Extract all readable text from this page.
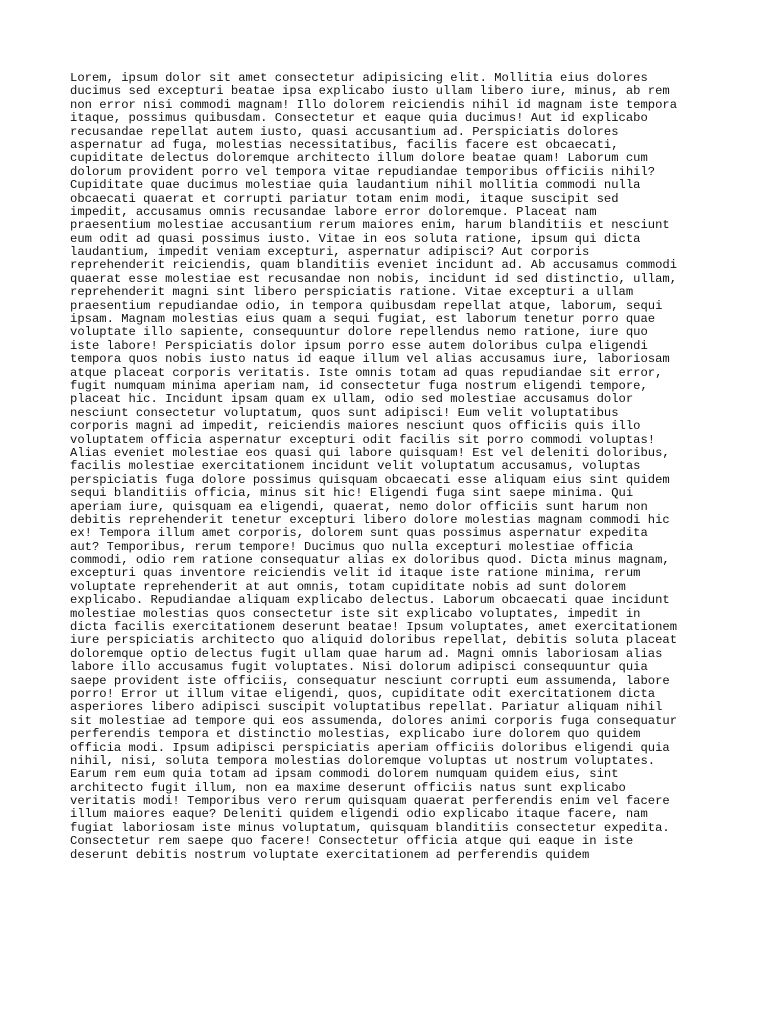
Lorem, ipsum dolor sit amet consectetur adipisicing elit. Mollitia eius dolores
ducimus sed excepturi beatae ipsa explicabo iusto ullam libero iure, minus, ab rem
non error nisi commodi magnam! Illo dolorem reiciendis nihil id magnam iste tempora
itaque, possimus quibusdam. Consectetur et eaque quia ducimus! Aut id explicabo
recusandae repellat autem iusto, quasi accusantium ad. Perspiciatis dolores
aspernatur ad fuga, molestias necessitatibus, facilis facere est obcaecati,
cupiditate delectus doloremque architecto illum dolore beatae quam! Laborum cum
dolorum provident porro vel tempora vitae repudiandae temporibus officiis nihil?
Cupiditate quae ducimus molestiae quia laudantium nihil mollitia commodi nulla
obcaecati quaerat et corrupti pariatur totam enim modi, itaque suscipit sed
impedit, accusamus omnis recusandae labore error doloremque. Placeat nam
praesentium molestiae accusantium rerum maiores enim, harum blanditiis et nesciunt
eum odit ad quasi possimus iusto. Vitae in eos soluta ratione, ipsum qui dicta
laudantium, impedit veniam excepturi, aspernatur adipisci? Aut corporis
reprehenderit reiciendis, quam blanditiis eveniet incidunt ad. Ab accusamus commodi
quaerat esse molestiae est recusandae non nobis, incidunt id sed distinctio, ullam,
reprehenderit magni sint libero perspiciatis ratione. Vitae excepturi a ullam
praesentium repudiandae odio, in tempora quibusdam repellat atque, laborum, sequi
ipsam. Magnam molestias eius quam a sequi fugiat, est laborum tenetur porro quae
voluptate illo sapiente, consequuntur dolore repellendus nemo ratione, iure quo
iste labore! Perspiciatis dolor ipsum porro esse autem doloribus culpa eligendi
tempora quos nobis iusto natus id eaque illum vel alias accusamus iure, laboriosam
atque placeat corporis veritatis. Iste omnis totam ad quas repudiandae sit error,
fugit numquam minima aperiam nam, id consectetur fuga nostrum eligendi tempore,
placeat hic. Incidunt ipsam quam ex ullam, odio sed molestiae accusamus dolor
nesciunt consectetur voluptatum, quos sunt adipisci! Eum velit voluptatibus
corporis magni ad impedit, reiciendis maiores nesciunt quos officiis quis illo
voluptatem officia aspernatur excepturi odit facilis sit porro commodi voluptas!
Alias eveniet molestiae eos quasi qui labore quisquam! Est vel deleniti doloribus,
facilis molestiae exercitationem incidunt velit voluptatum accusamus, voluptas
perspiciatis fuga dolore possimus quisquam obcaecati esse aliquam eius sint quidem
sequi blanditiis officia, minus sit hic! Eligendi fuga sint saepe minima. Qui
aperiam iure, quisquam ea eligendi, quaerat, nemo dolor officiis sunt harum non
debitis reprehenderit tenetur excepturi libero dolore molestias magnam commodi hic
ex! Tempora illum amet corporis, dolorem sunt quas possimus aspernatur expedita
aut? Temporibus, rerum tempore! Ducimus quo nulla excepturi molestiae officia
commodi, odio rem ratione consequatur alias ex doloribus quod. Dicta minus magnam,
excepturi quas inventore reiciendis velit id itaque iste ratione minima, rerum
voluptate reprehenderit at aut omnis, totam cupiditate nobis ad sunt dolorem
explicabo. Repudiandae aliquam explicabo delectus. Laborum obcaecati quae incidunt
molestiae molestias quos consectetur iste sit explicabo voluptates, impedit in
dicta facilis exercitationem deserunt beatae! Ipsum voluptates, amet exercitationem
iure perspiciatis architecto quo aliquid doloribus repellat, debitis soluta placeat
doloremque optio delectus fugit ullam quae harum ad. Magni omnis laboriosam alias
labore illo accusamus fugit voluptates. Nisi dolorum adipisci consequuntur quia
saepe provident iste officiis, consequatur nesciunt corrupti eum assumenda, labore
porro! Error ut illum vitae eligendi, quos, cupiditate odit exercitationem dicta
asperiores libero adipisci suscipit voluptatibus repellat. Pariatur aliquam nihil
sit molestiae ad tempore qui eos assumenda, dolores animi corporis fuga consequatur
perferendis tempora et distinctio molestias, explicabo iure dolorem quo quidem
officia modi. Ipsum adipisci perspiciatis aperiam officiis doloribus eligendi quia
nihil, nisi, soluta tempora molestias doloremque voluptas ut nostrum voluptates.
Earum rem eum quia totam ad ipsam commodi dolorem numquam quidem eius, sint
architecto fugit illum, non ea maxime deserunt officiis natus sunt explicabo
veritatis modi! Temporibus vero rerum quisquam quaerat perferendis enim vel facere
illum maiores eaque? Deleniti quidem eligendi odio explicabo itaque facere, nam
fugiat laboriosam iste minus voluptatum, quisquam blanditiis consectetur expedita.
Consectetur rem saepe quo facere! Consectetur officia atque qui eaque in iste
deserunt debitis nostrum voluptate exercitationem ad perferendis quidem
